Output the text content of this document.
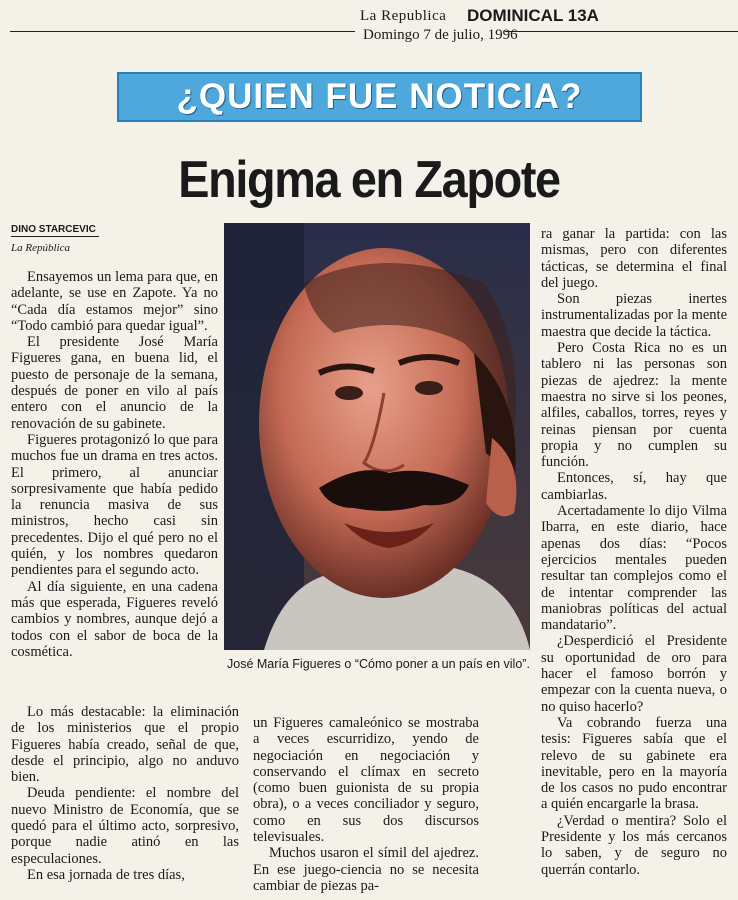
La Republica DOMINICAL 13A
Domingo 7 de julio, 1996
¿QUIEN FUE NOTICIA?
Enigma en Zapote
DINO STARCEVIC
La República

Ensayemos un lema para que, en adelante, se use en Zapote. Ya no “Cada día estamos mejor” sino “Todo cambió para quedar igual”.

El presidente José María Figueres gana, en buena lid, el puesto de personaje de la semana, después de poner en vilo al país entero con el anuncio de la renovación de su gabinete.

Figueres protagonizó lo que para muchos fue un drama en tres actos. El primero, al anunciar sorpresivamente que había pedido la renuncia masiva de sus ministros, hecho casi sin precedentes. Dijo el qué pero no el quién, y los nombres quedaron pendientes para el segundo acto.

Al día siguiente, en una cadena más que esperada, Figueres reveló cambios y nombres, aunque dejó a todos con el sabor de boca de la cosmética.

José María Figueres o “Cómo poner a un país en vilo”.

Lo más destacable: la eliminación de los ministerios que el propio Figueres había creado, señal de que, desde el principio, algo no anduvo bien.

Deuda pendiente: el nombre del nuevo Ministro de Economía, que se quedó para el último acto, sorpresivo, porque nadie atinó en las especulaciones.

En esa jornada de tres días,

un Figueres camaleónico se mostraba a veces escurridizo, yendo de negociación en negociación y conservando el clímax en secreto (como buen guionista de su propia obra), o a veces conciliador y seguro, como en sus dos discursos televisuales.

Muchos usaron el símil del ajedrez. En ese juego-ciencia no se necesita cambiar de piezas pa-

ra ganar la partida: con las mismas, pero con diferentes tácticas, se determina el final del juego.

Son piezas inertes instrumentalizadas por la mente maestra que decide la táctica.

Pero Costa Rica no es un tablero ni las personas son piezas de ajedrez: la mente maestra no sirve si los peones, alfiles, caballos, torres, reyes y reinas piensan por cuenta propia y no cumplen su función.

Entonces, sí, hay que cambiarlas.

Acertadamente lo dijo Vilma Ibarra, en este diario, hace apenas dos días: “Pocos ejercicios mentales pueden resultar tan complejos como el de intentar comprender las maniobras políticas del actual mandatario”.

¿Desperdició el Presidente su oportunidad de oro para hacer el famoso borrón y empezar con la cuenta nueva, o no quiso hacerlo?

Va cobrando fuerza una tesis: Figueres sabía que el relevo de su gabinete era inevitable, pero en la mayoría de los casos no pudo encontrar a quién encargarle la brasa.

¿Verdad o mentira? Solo el Presidente y los más cercanos lo saben, y de seguro no querrán contarlo.
